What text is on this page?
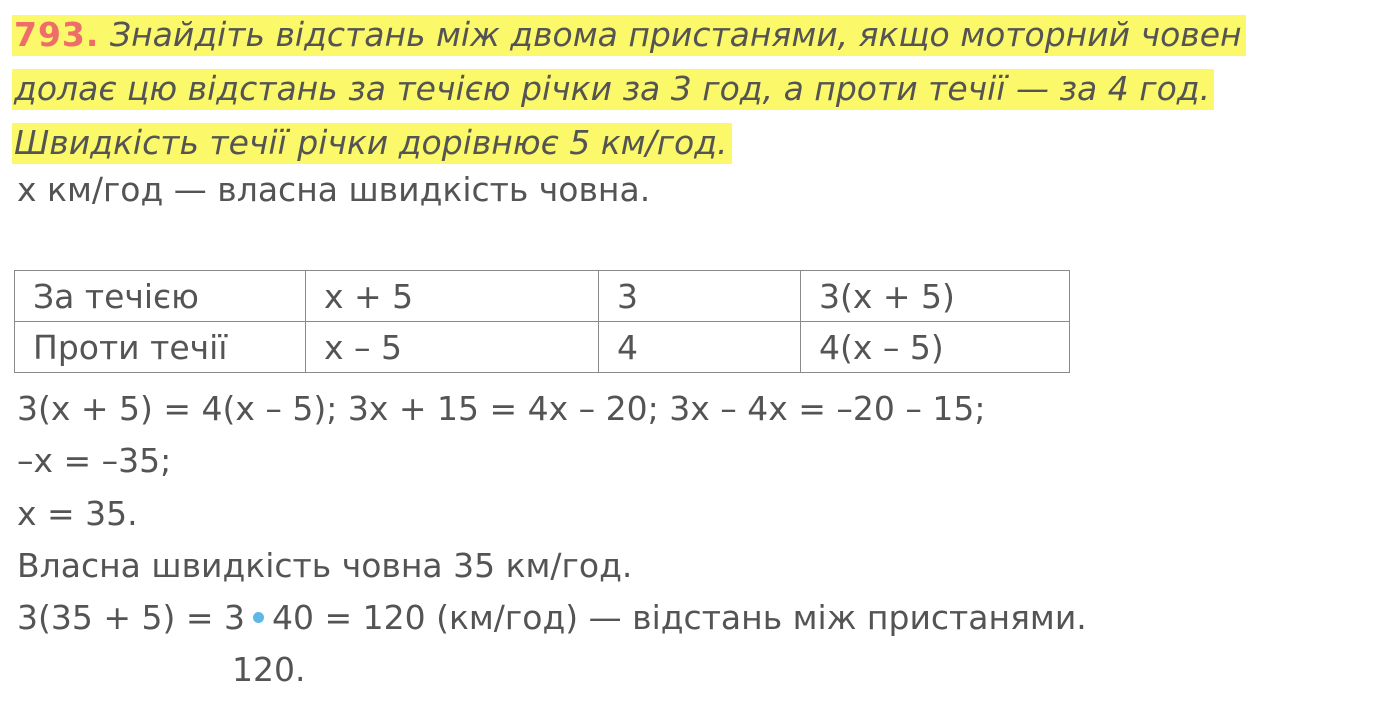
793. Знайдіть відстань між двома пристанями, якщо моторний човен
долає цю відстань за течією річки за 3 год, а проти течії — за 4 год.
Швидкість течії річки дорівнює 5 км/год.
x км/год — власна швидкість човна.
За течією	x + 5	3	3(x + 5)
Проти течії	x – 5	4	4(x – 5)
3(x + 5) = 4(x – 5); 3x + 15 = 4x – 20; 3x – 4x = –20 – 15;
–x = –35;
x = 35.
Власна швидкість човна 35 км/год.
3(35 + 5) = 3 40 = 120 (км/год) — відстань між пристанями.
120.
